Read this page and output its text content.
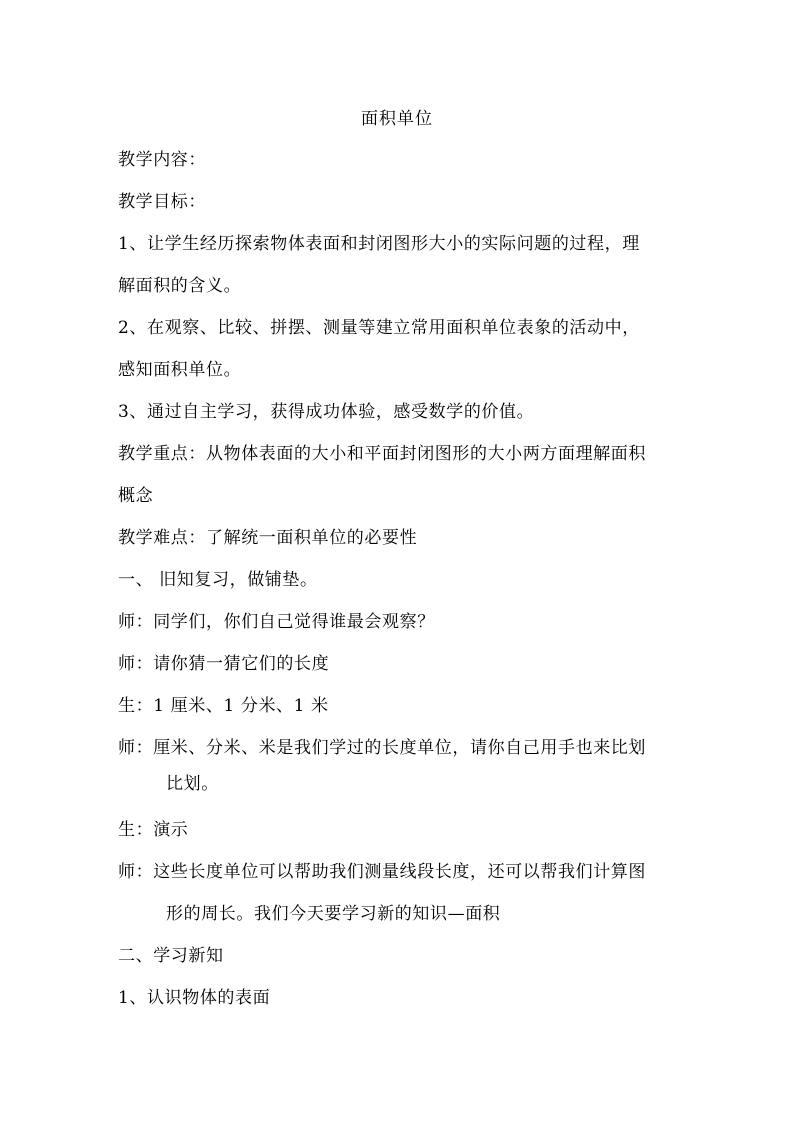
面积单位
教学内容：
教学目标：
1、让学生经历探索物体表面和封闭图形大小的实际问题的过程，理
解面积的含义。
2、在观察、比较、拼摆、测量等建立常用面积单位表象的活动中，
感知面积单位。
3、通过自主学习，获得成功体验，感受数学的价值。
教学重点：从物体表面的大小和平面封闭图形的大小两方面理解面积
概念
教学难点：了解统一面积单位的必要性
一、 旧知复习，做铺垫。
师：同学们，你们自己觉得谁最会观察？
师：请你猜一猜它们的长度
生：1 厘米、1 分米、1 米
师：厘米、分米、米是我们学过的长度单位，请你自己用手也来比划
比划。
生：演示
师：这些长度单位可以帮助我们测量线段长度，还可以帮我们计算图
形的周长。我们今天要学习新的知识—面积
二、学习新知
1、认识物体的表面
